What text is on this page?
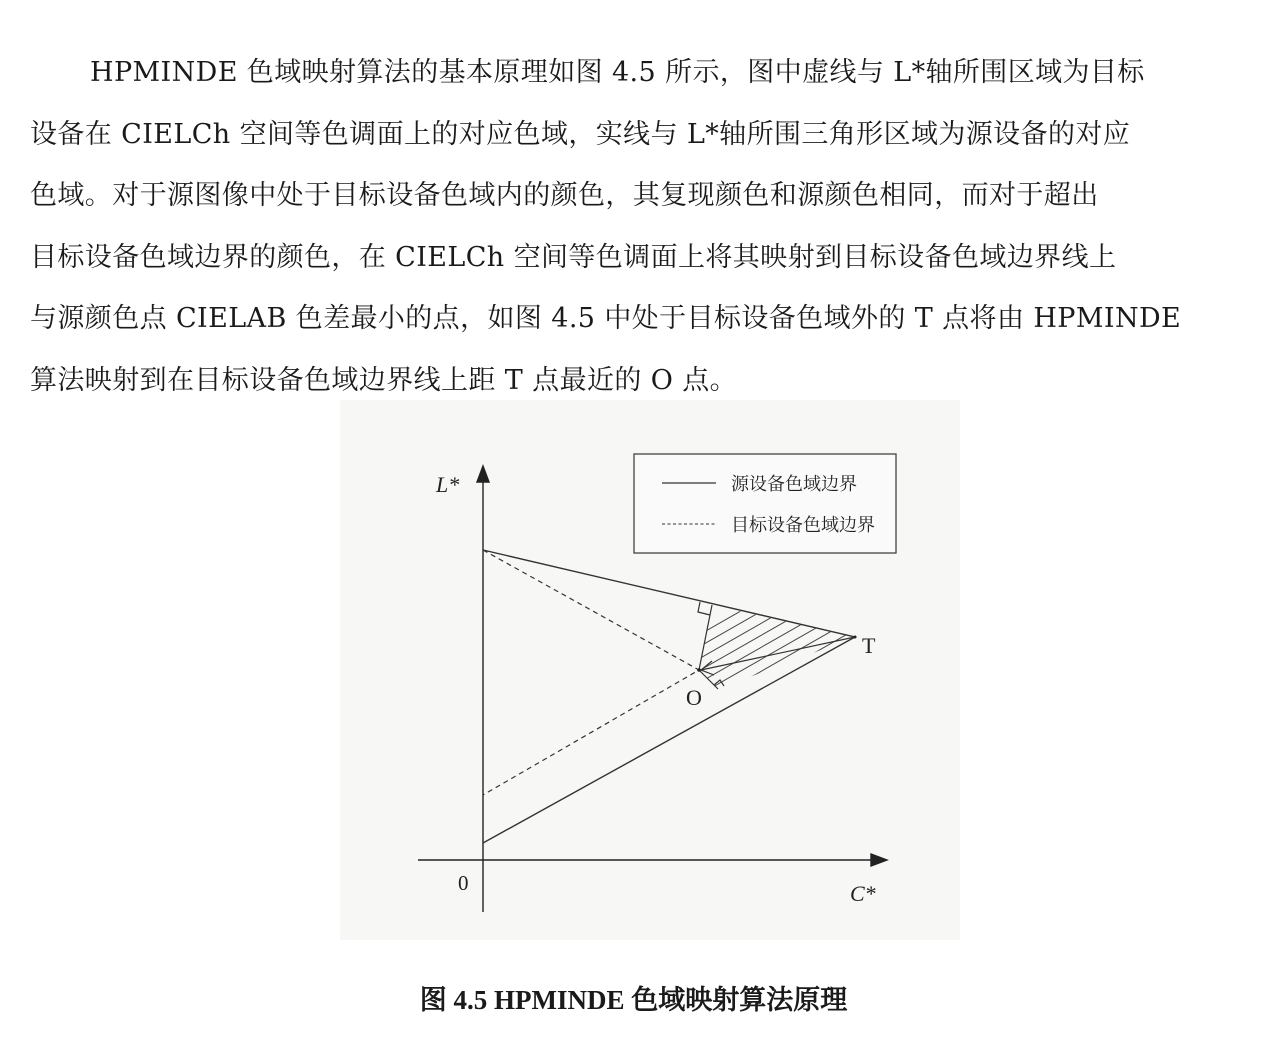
HPMINDE 色域映射算法的基本原理如图 4.5 所示，图中虚线与 L*轴所围区域为目标
设备在 CIELCh 空间等色调面上的对应色域，实线与 L*轴所围三角形区域为源设备的对应
色域。对于源图像中处于目标设备色域内的颜色，其复现颜色和源颜色相同，而对于超出
目标设备色域边界的颜色，在 CIELCh 空间等色调面上将其映射到目标设备色域边界线上
与源颜色点 CIELAB 色差最小的点，如图 4.5 中处于目标设备色域外的 T 点将由 HPMINDE
算法映射到在目标设备色域边界线上距 T 点最近的 O 点。
L*
C*
0
T
O
源设备色域边界
目标设备色域边界
图 4.5 HPMINDE 色域映射算法原理
